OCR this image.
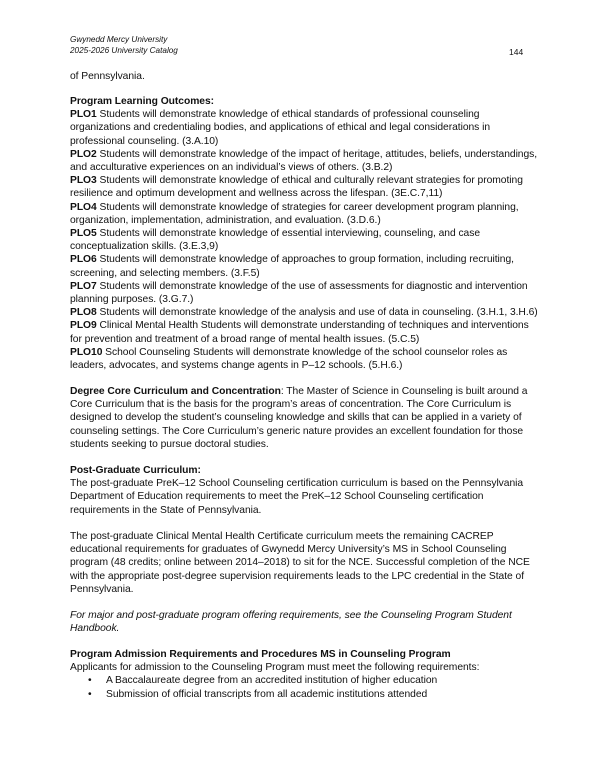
Gwynedd Mercy University
2025-2026 University Catalog	144
of Pennsylvania.

Program Learning Outcomes:

PLO1 Students will demonstrate knowledge of ethical standards of professional counseling organizations and credentialing bodies, and applications of ethical and legal considerations in professional counseling. (3.A.10)

PLO2 Students will demonstrate knowledge of the impact of heritage, attitudes, beliefs, understandings, and acculturative experiences on an individual’s views of others. (3.B.2)

PLO3 Students will demonstrate knowledge of ethical and culturally relevant strategies for promoting resilience and optimum development and wellness across the lifespan. (3E.C.7,11)

PLO4 Students will demonstrate knowledge of strategies for career development program planning, organization, implementation, administration, and evaluation. (3.D.6.)

PLO5 Students will demonstrate knowledge of essential interviewing, counseling, and case conceptualization skills. (3.E.3,9)

PLO6 Students will demonstrate knowledge of approaches to group formation, including recruiting, screening, and selecting members. (3.F.5)

PLO7 Students will demonstrate knowledge of the use of assessments for diagnostic and intervention planning purposes. (3.G.7.)

PLO8 Students will demonstrate knowledge of the analysis and use of data in counseling. (3.H.1, 3.H.6)

PLO9 Clinical Mental Health Students will demonstrate understanding of techniques and interventions for prevention and treatment of a broad range of mental health issues. (5.C.5)

PLO10 School Counseling Students will demonstrate knowledge of the school counselor roles as leaders, advocates, and systems change agents in P–12 schools. (5.H.6.)

Degree Core Curriculum and Concentration: The Master of Science in Counseling is built around a Core Curriculum that is the basis for the program’s areas of concentration. The Core Curriculum is designed to develop the student’s counseling knowledge and skills that can be applied in a variety of counseling settings. The Core Curriculum’s generic nature provides an excellent foundation for those students seeking to pursue doctoral studies.

Post-Graduate Curriculum:

The post-graduate PreK–12 School Counseling certification curriculum is based on the Pennsylvania Department of Education requirements to meet the PreK–12 School Counseling certification requirements in the State of Pennsylvania.

The post-graduate Clinical Mental Health Certificate curriculum meets the remaining CACREP educational requirements for graduates of Gwynedd Mercy University’s MS in School Counseling program (48 credits; online between 2014–2018) to sit for the NCE. Successful completion of the NCE with the appropriate post-degree supervision requirements leads to the LPC credential in the State of Pennsylvania.
For major and post-graduate program offering requirements, see the Counseling Program Student Handbook.

Program Admission Requirements and Procedures MS in Counseling Program

Applicants for admission to the Counseling Program must meet the following requirements:

• A Baccalaureate degree from an accredited institution of higher education
• Submission of official transcripts from all academic institutions attended
